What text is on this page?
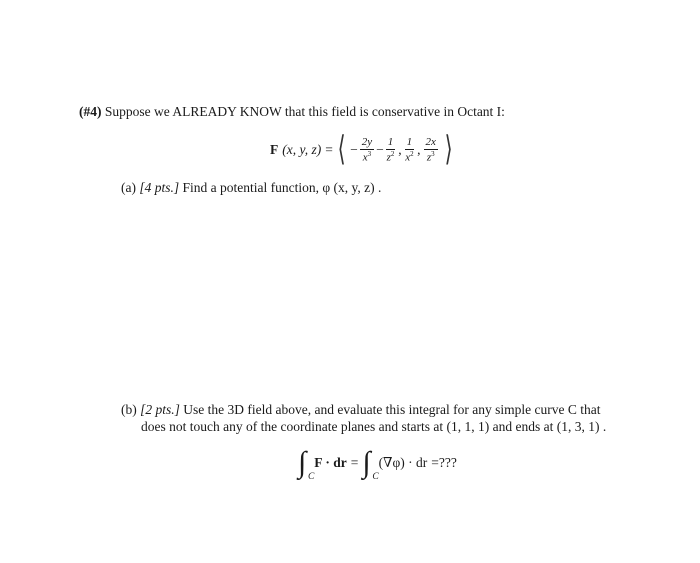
(#4) Suppose we ALREADY KNOW that this field is conservative in Octant I:
F (x, y, z) = ⟨ − $\frac{2y}{x^3} - \frac{1}{z^2}$ , $\frac{1}{x^2}$ , $\frac{2x}{z^3}$ ⟩
(a) [4 pts.] Find a potential function, φ (x, y, z) .
(b) [2 pts.] Use the 3D field above, and evaluate this integral for any simple curve C that
does not touch any of the coordinate planes and starts at (1, 1, 1) and ends at (1, 3, 1) .
∫ C
F · dr = ∫ C
(∇φ) · dr =???
